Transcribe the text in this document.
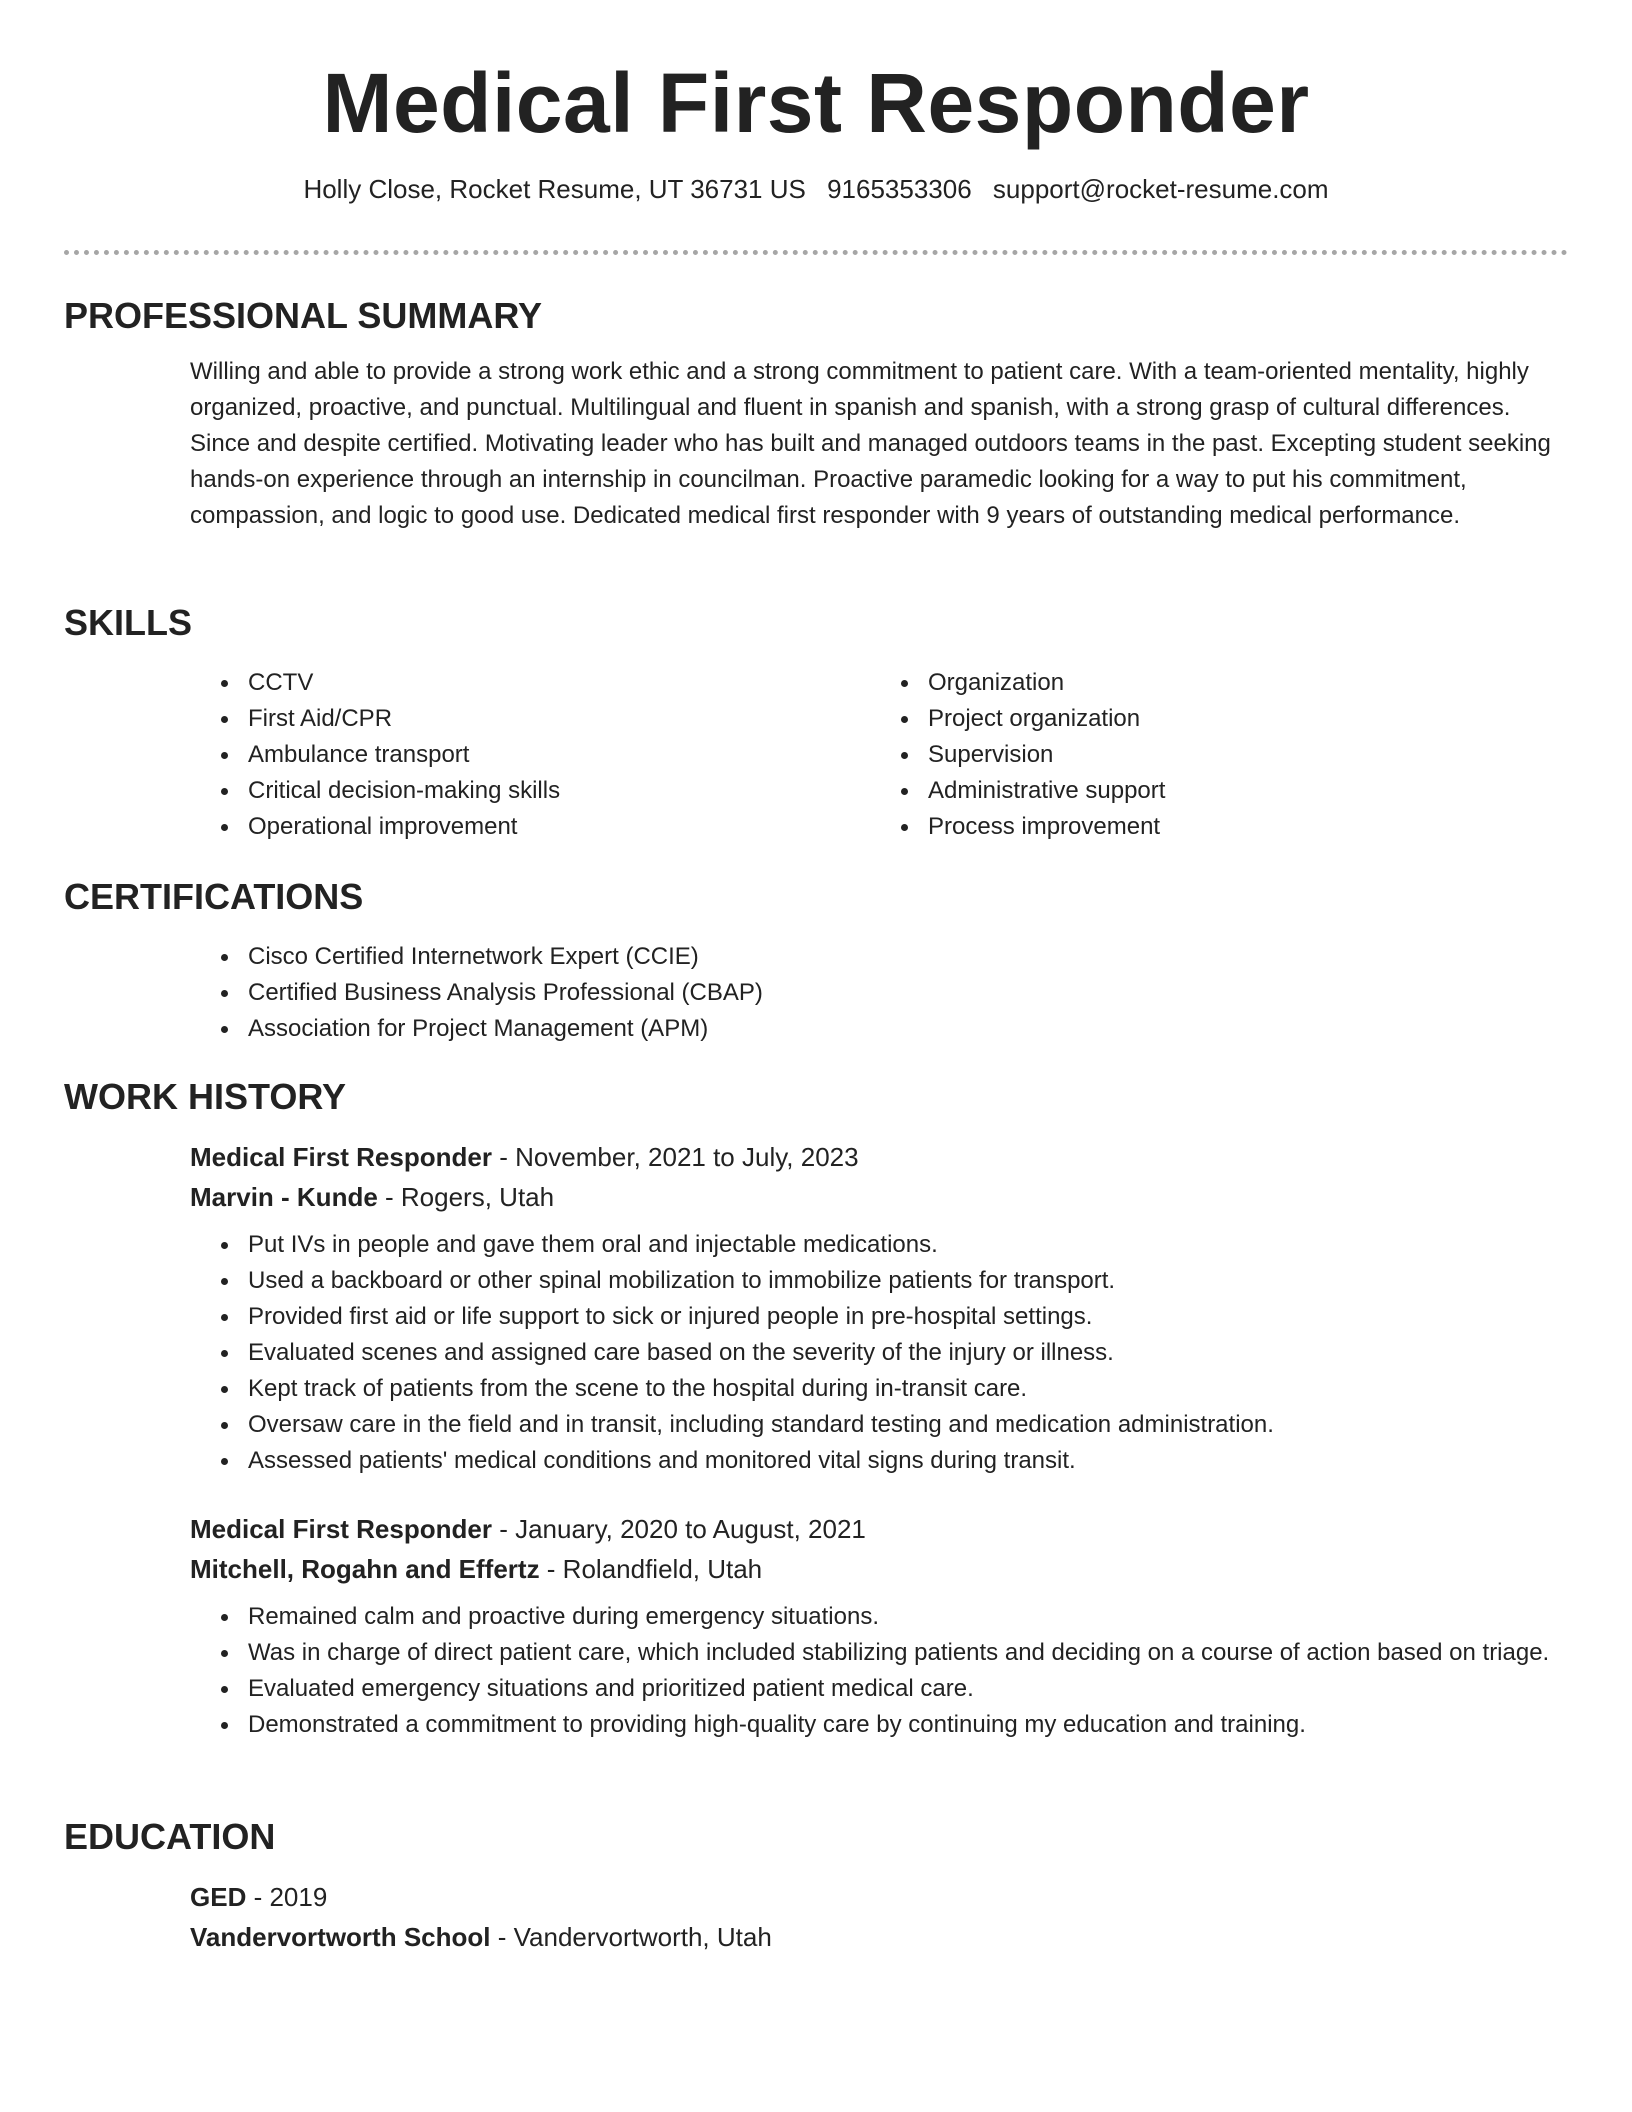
Medical First Responder
Holly Close, Rocket Resume, UT 36731 US 9165353306 support@rocket-resume.com
PROFESSIONAL SUMMARY

Willing and able to provide a strong work ethic and a strong commitment to patient care. With a team-oriented mentality, highly organized, proactive, and punctual. Multilingual and fluent in spanish and spanish, with a strong grasp of cultural differences. Since and despite certified. Motivating leader who has built and managed outdoors teams in the past. Excepting student seeking hands-on experience through an internship in councilman. Proactive paramedic looking for a way to put his commitment, compassion, and logic to good use. Dedicated medical first responder with 9 years of outstanding medical performance.

SKILLS
CCTV
First Aid/CPR
Ambulance transport
Critical decision-making skills
Operational improvement
Organization
Project organization
Supervision
Administrative support
Process improvement
CERTIFICATIONS
Cisco Certified Internetwork Expert (CCIE)
Certified Business Analysis Professional (CBAP)
Association for Project Management (APM)
WORK HISTORY
Medical First Responder - November, 2021 to July, 2023
Marvin - Kunde - Rogers, Utah
Put IVs in people and gave them oral and injectable medications.
Used a backboard or other spinal mobilization to immobilize patients for transport.
Provided first aid or life support to sick or injured people in pre-hospital settings.
Evaluated scenes and assigned care based on the severity of the injury or illness.
Kept track of patients from the scene to the hospital during in-transit care.
Oversaw care in the field and in transit, including standard testing and medication administration.
Assessed patients' medical conditions and monitored vital signs during transit.
Medical First Responder - January, 2020 to August, 2021
Mitchell, Rogahn and Effertz - Rolandfield, Utah
Remained calm and proactive during emergency situations.
Was in charge of direct patient care, which included stabilizing patients and deciding on a course of action based on triage.
Evaluated emergency situations and prioritized patient medical care.
Demonstrated a commitment to providing high-quality care by continuing my education and training.
EDUCATION
GED - 2019
Vandervortworth School - Vandervortworth, Utah
